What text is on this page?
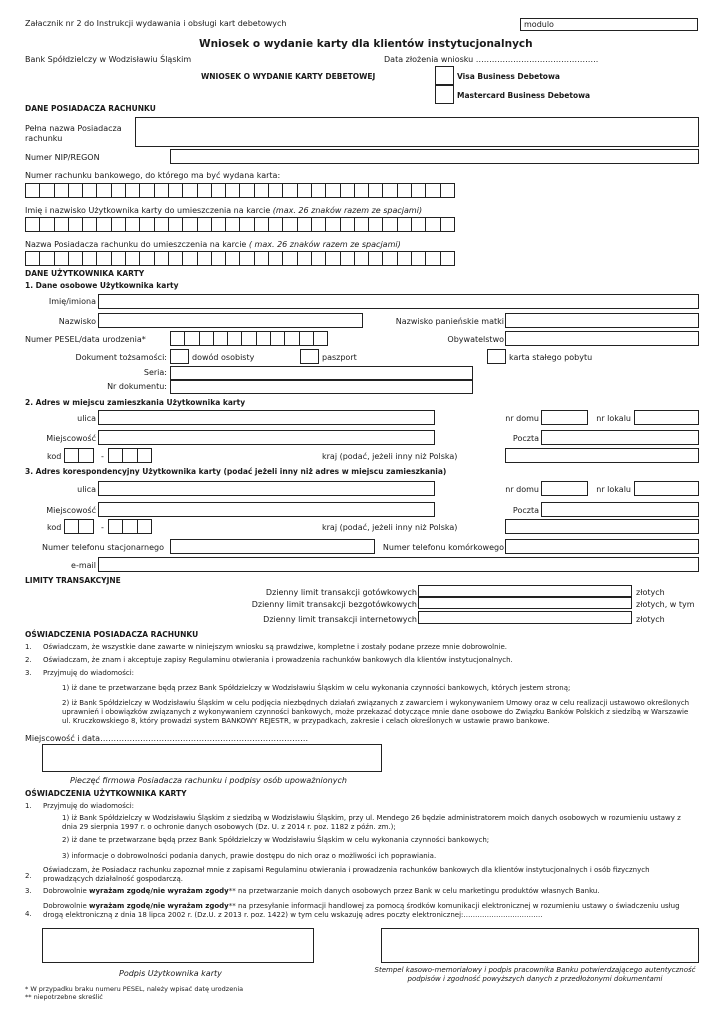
Załacznik nr 2 do Instrukcji wydawania i obsługi kart debetowych	modulo
Wniosek o wydanie karty dla klientów instytucjonalnych
Bank Spółdzielczy w Wodzisławiu Śląskim	Data złożenia wniosku ……………………………………….
WNIOSEK O WYDANIE KARTY DEBETOWEJ	Visa Business Debetowa
Mastercard Business Debetowa
DANE POSIADACZA RACHUNKU
Pełna nazwa Posiadacza rachunku
Numer NIP/REGON
Numer rachunku bankowego, do którego ma być wydana karta:
Imię i nazwisko Użytkownika karty do umieszczenia na karcie (max. 26 znaków razem ze spacjami)
Nazwa Posiadacza rachunku do umieszczenia na karcie ( max. 26 znaków razem ze spacjami)
DANE UŻYTKOWNIKA KARTY
1. Dane osobowe Użytkownika karty
Imię/imiona
Nazwisko	Nazwisko panieńskie matki
Numer PESEL/data urodzenia*	Obywatelstwo
Dokument tożsamości:	dowód osobisty	paszport	karta stałego pobytu
Seria:
Nr dokumentu:
2. Adres w miejscu zamieszkania Użytkownika karty
ulica	nr domu	nr lokalu
Miejscowość	Poczta
kod	-	kraj (podać, jeżeli inny niż Polska)
3. Adres korespondencyjny Użytkownika karty (podać jeżeli inny niż adres w miejscu zamieszkania)
ulica	nr domu	nr lokalu
Miejscowość	Poczta
kod	-	kraj (podać, jeżeli inny niż Polska)
Numer telefonu stacjonarnego	Numer telefonu komórkowego
e-mail
LIMITY TRANSAKCYJNE
Dzienny limit transakcji gotówkowych	złotych
Dzienny limit transakcji bezgotówkowych	złotych, w tym
Dzienny limit transakcji internetowych	złotych
OŚWIADCZENIA POSIADACZA RACHUNKU
1. Oświadczam, że wszystkie dane zawarte w niniejszym wniosku są prawdziwe, kompletne i zostały podane przeze mnie dobrowolnie.
2. Oświadczam, że znam i akceptuje zapisy Regulaminu otwierania i prowadzenia rachunków bankowych dla klientów instytucjonalnych.
3. Przyjmuję do wiadomości:
1) iż dane te przetwarzane będą przez Bank Spółdzielczy w Wodzisławiu Śląskim w celu wykonania czynności bankowych, których jestem stroną;
2) iż Bank Spółdzielczy w Wodzisławiu Śląskim w celu podjęcia niezbędnych działań związanych z zawarciem i wykonywaniem Umowy oraz w celu realizacji ustawowo określonych uprawnień i obowiązków związanych z wykonywaniem czynności bankowych, może przekazać dotyczące mnie dane osobowe do Związku Banków Polskich z siedzibą w Warszawie ul. Kruczkowskiego 8, który prowadzi system BANKOWY REJESTR, w przypadkach, zakresie i celach określonych w ustawie prawo bankowe.
Miejscowość i data……………………………………………………………………
Pieczęć firmowa Posiadacza rachunku i podpisy osób upoważnionych
OŚWIADCZENIA UŻYTKOWNIKA KARTY
1. Przyjmuję do wiadomości:
1) iż Bank Spółdzielczy w Wodzisławiu Śląskim z siedzibą w Wodzisławiu Śląskim, przy ul. Mendego 26 będzie administratorem moich danych osobowych w rozumieniu ustawy z dnia 29 sierpnia 1997 r. o ochronie danych osobowych (Dz. U. z 2014 r. poz. 1182 z późn. zm.);
2) iż dane te przetwarzane będą przez Bank Spółdzielczy w Wodzisławiu Śląskim w celu wykonania czynności bankowych;
3) informacje o dobrowolności podania danych, prawie dostępu do nich oraz o możliwości ich poprawiania.
2.
Oświadczam, że Posiadacz rachunku zapoznał mnie z zapisami Regulaminu otwierania i prowadzenia rachunków bankowych dla klientów instytucjonalnych i osób fizycznych prowadzących działalność gospodarczą.
3. Dobrowolnie wyrażam zgodę/nie wyrażam zgody** na przetwarzanie moich danych osobowych przez Bank w celu marketingu produktów własnych Banku.
4.
Dobrowolnie wyrażam zgodę/nie wyrażam zgody** na przesyłanie informacji handlowej za pomocą środków komunikacji elektronicznej w rozumieniu ustawy o świadczeniu usług drogą elektroniczną z dnia 18 lipca 2002 r. (Dz.U. z 2013 r. poz. 1422) w tym celu wskazuję adres poczty elektronicznej:………………….…………
Podpis Użytkownika karty	Stempel kasowo-memoriałowy i podpis pracownika Banku potwierdzającego autentyczność podpisów i zgodność powyższych danych z przedłożonymi dokumentami
* W przypadku braku numeru PESEL, należy wpisać datę urodzenia
** niepotrzebne skreślić
